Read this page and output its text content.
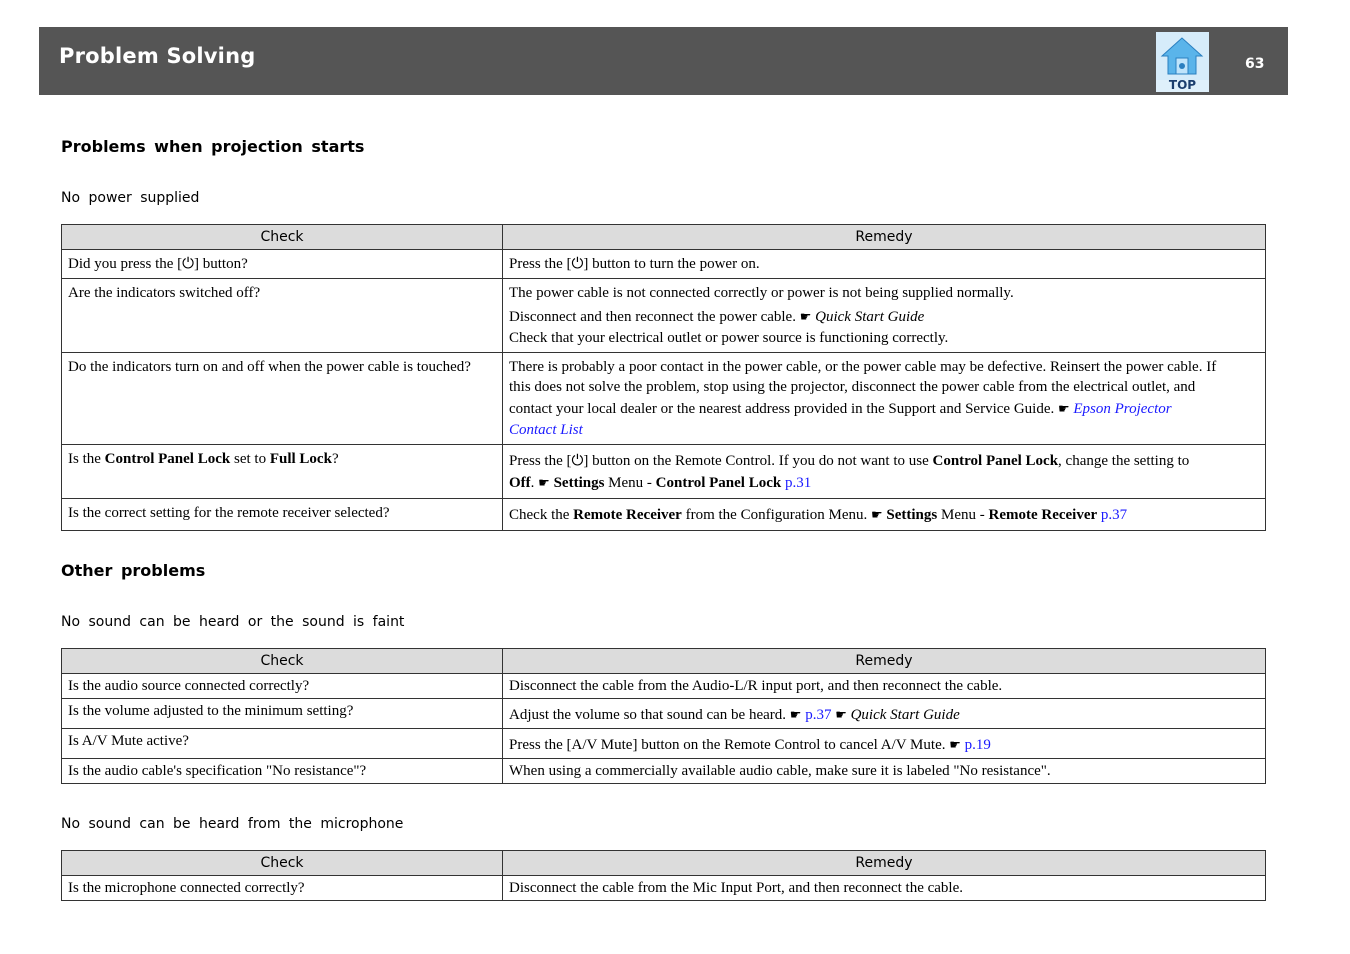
Problem Solving
TOP
63
Problems when projection starts
No power supplied
Check	Remedy
Did you press the [⏻] button?	Press the [⏻] button to turn the power on.
Are the indicators switched off?	The power cable is not connected correctly or power is not being supplied normally.
Disconnect and then reconnect the power cable. ☛ Quick Start Guide
Check that your electrical outlet or power source is functioning correctly.

Do the indicators turn on and off when the power cable is touched?	There is probably a poor contact in the power cable, or the power cable may be defective. Reinsert the power cable. If
this does not solve the problem, stop using the projector, disconnect the power cable from the electrical outlet, and
contact your local dealer or the nearest address provided in the Support and Service Guide. ☛ Epson Projector
Contact List

Is the Control Panel Lock set to Full Lock?	Press the [⏻] button on the Remote Control. If you do not want to use Control Panel Lock, change the setting to
Off. ☛ Settings Menu - Control Panel Lock p.31

Is the correct setting for the remote receiver selected?	Check the Remote Receiver from the Configuration Menu. ☛ Settings Menu - Remote Receiver p.37
Other problems
No sound can be heard or the sound is faint
Check	Remedy
Is the audio source connected correctly?	Disconnect the cable from the Audio-L/R input port, and then reconnect the cable.
Is the volume adjusted to the minimum setting?	Adjust the volume so that sound can be heard. ☛ p.37 ☛ Quick Start Guide
Is A/V Mute active?	Press the [A/V Mute] button on the Remote Control to cancel A/V Mute. ☛ p.19
Is the audio cable's specification "No resistance"?	When using a commercially available audio cable, make sure it is labeled "No resistance".
No sound can be heard from the microphone
Check	Remedy
Is the microphone connected correctly?	Disconnect the cable from the Mic Input Port, and then reconnect the cable.
